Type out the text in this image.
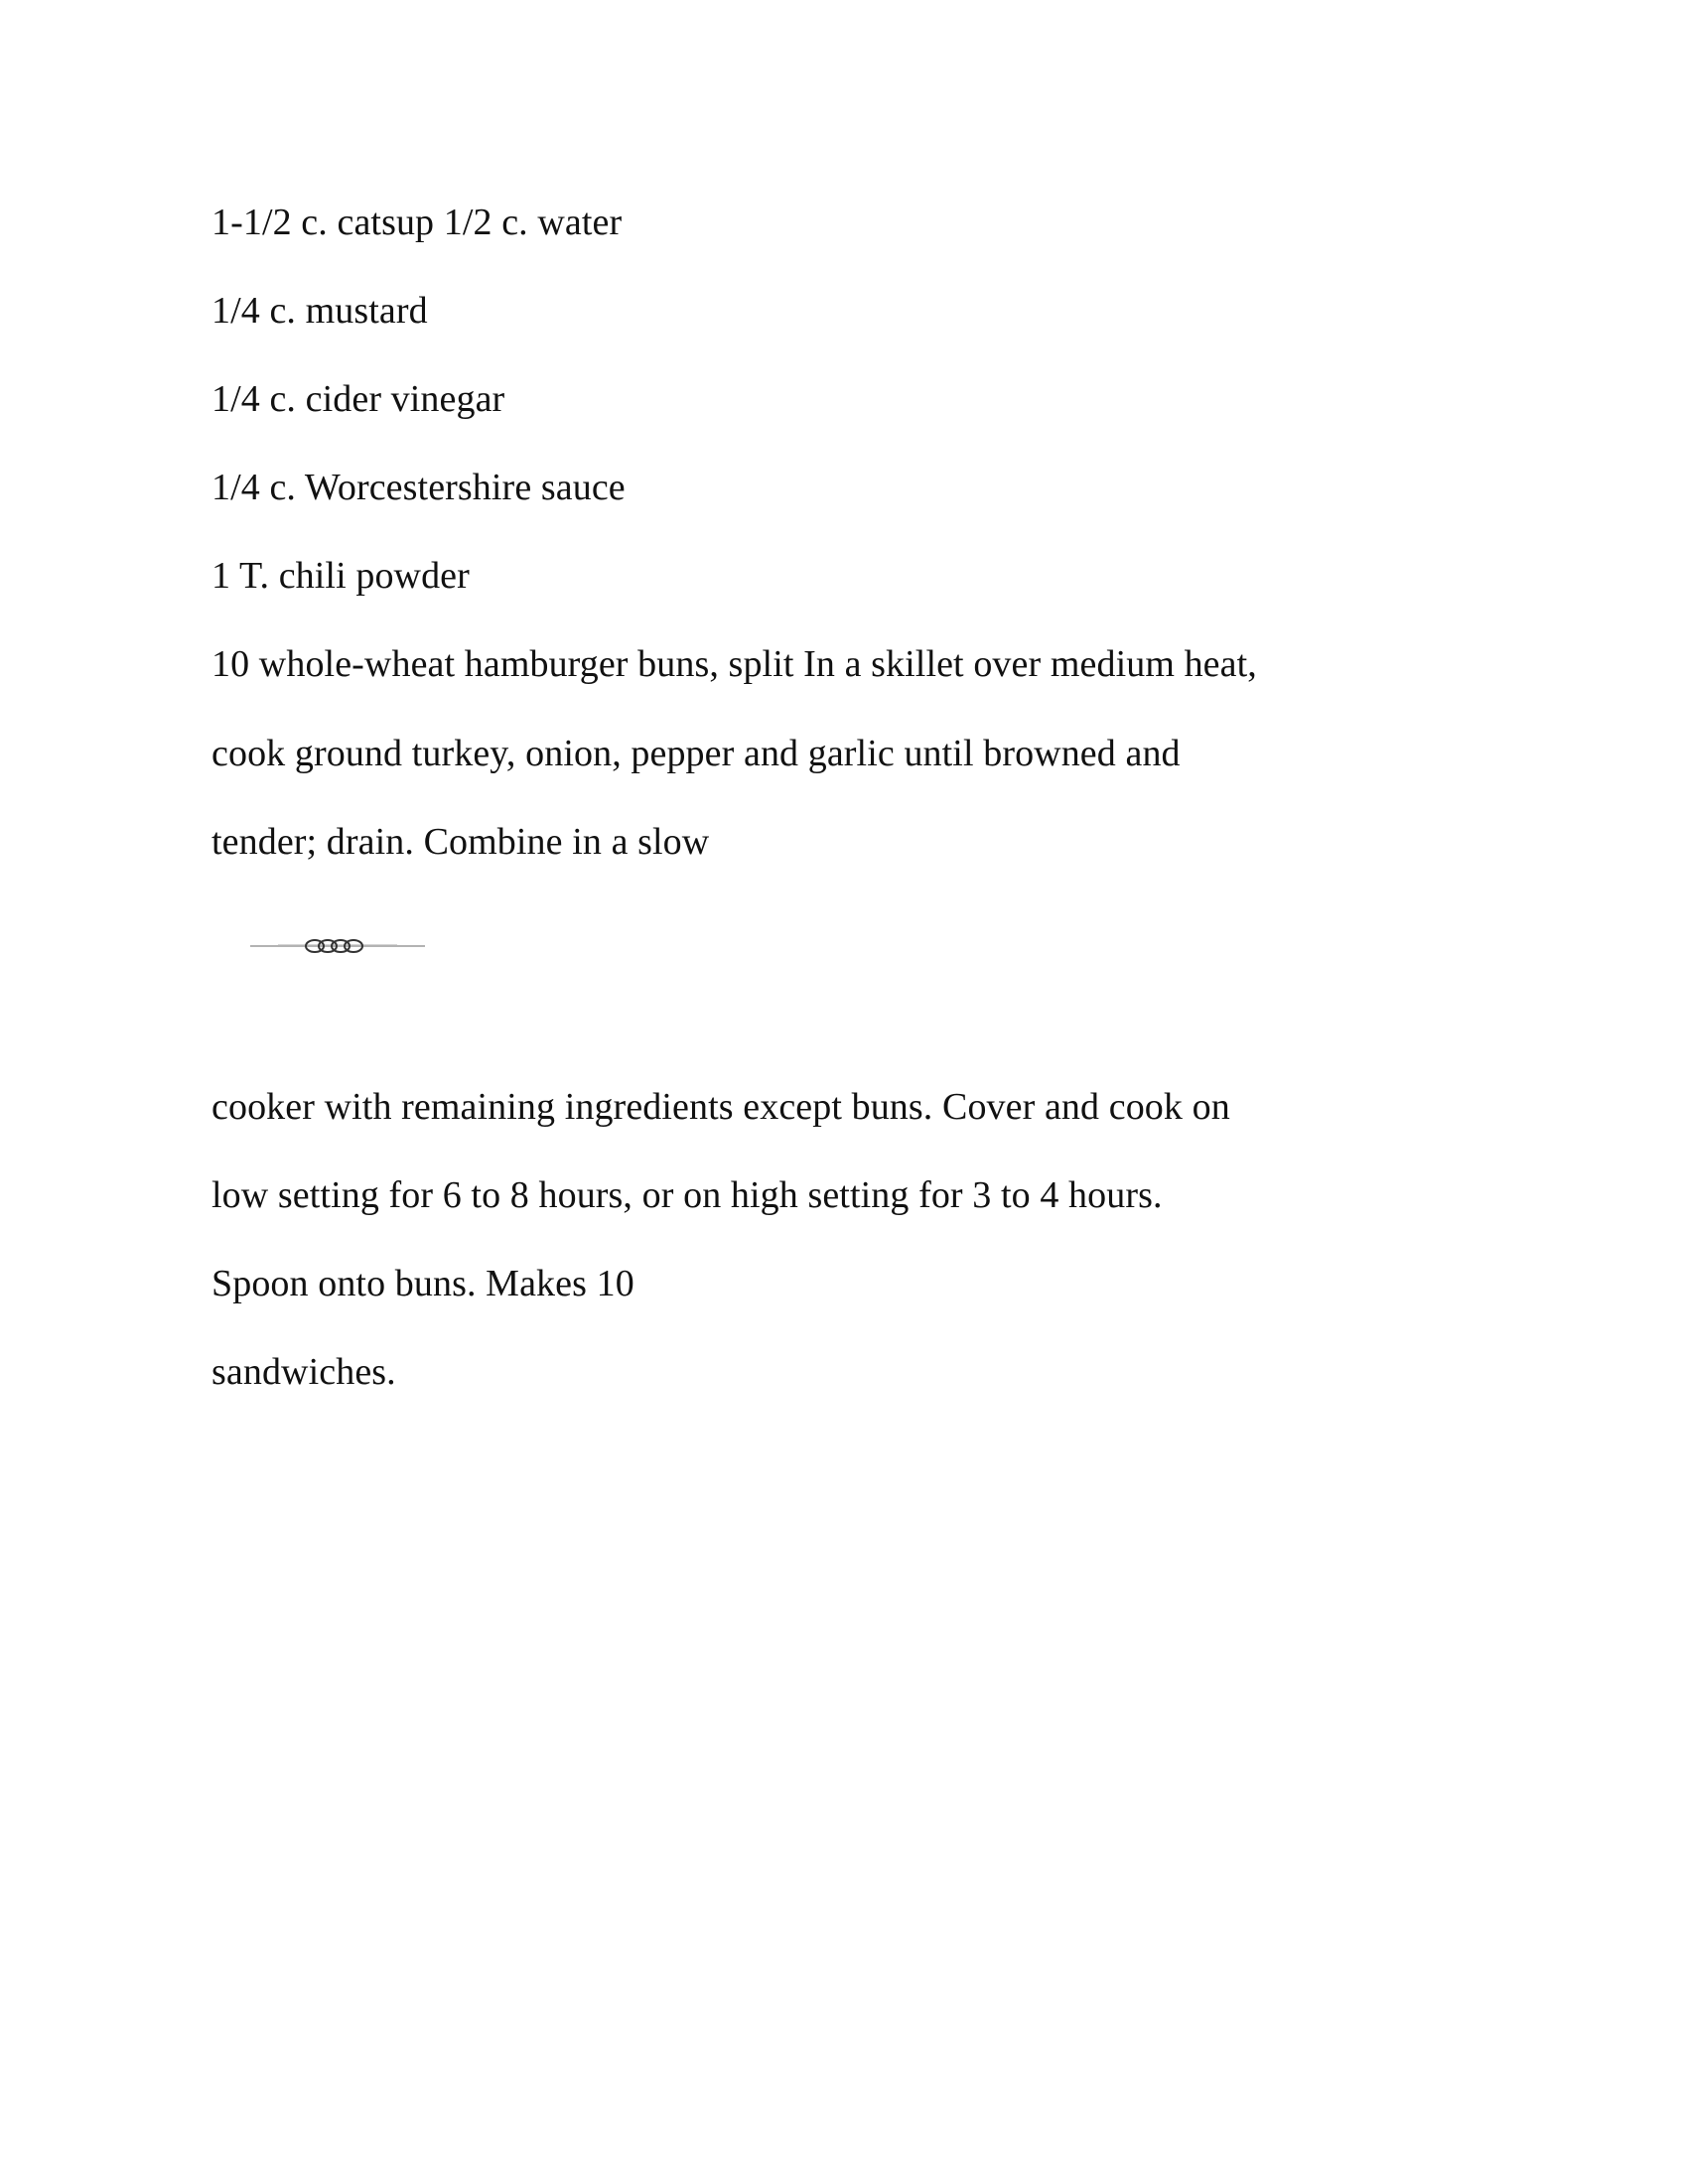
1-1/2 c. catsup 1/2 c. water
1/4 c. mustard
1/4 c. cider vinegar
1/4 c. Worcestershire sauce
1 T. chili powder
10 whole-wheat hamburger buns, split In a skillet over medium heat,
cook ground turkey, onion, pepper and garlic until browned and
tender; drain. Combine in a slow
cooker with remaining ingredients except buns. Cover and cook on
low setting for 6 to 8 hours, or on high setting for 3 to 4 hours.
Spoon onto buns. Makes 10
sandwiches.
